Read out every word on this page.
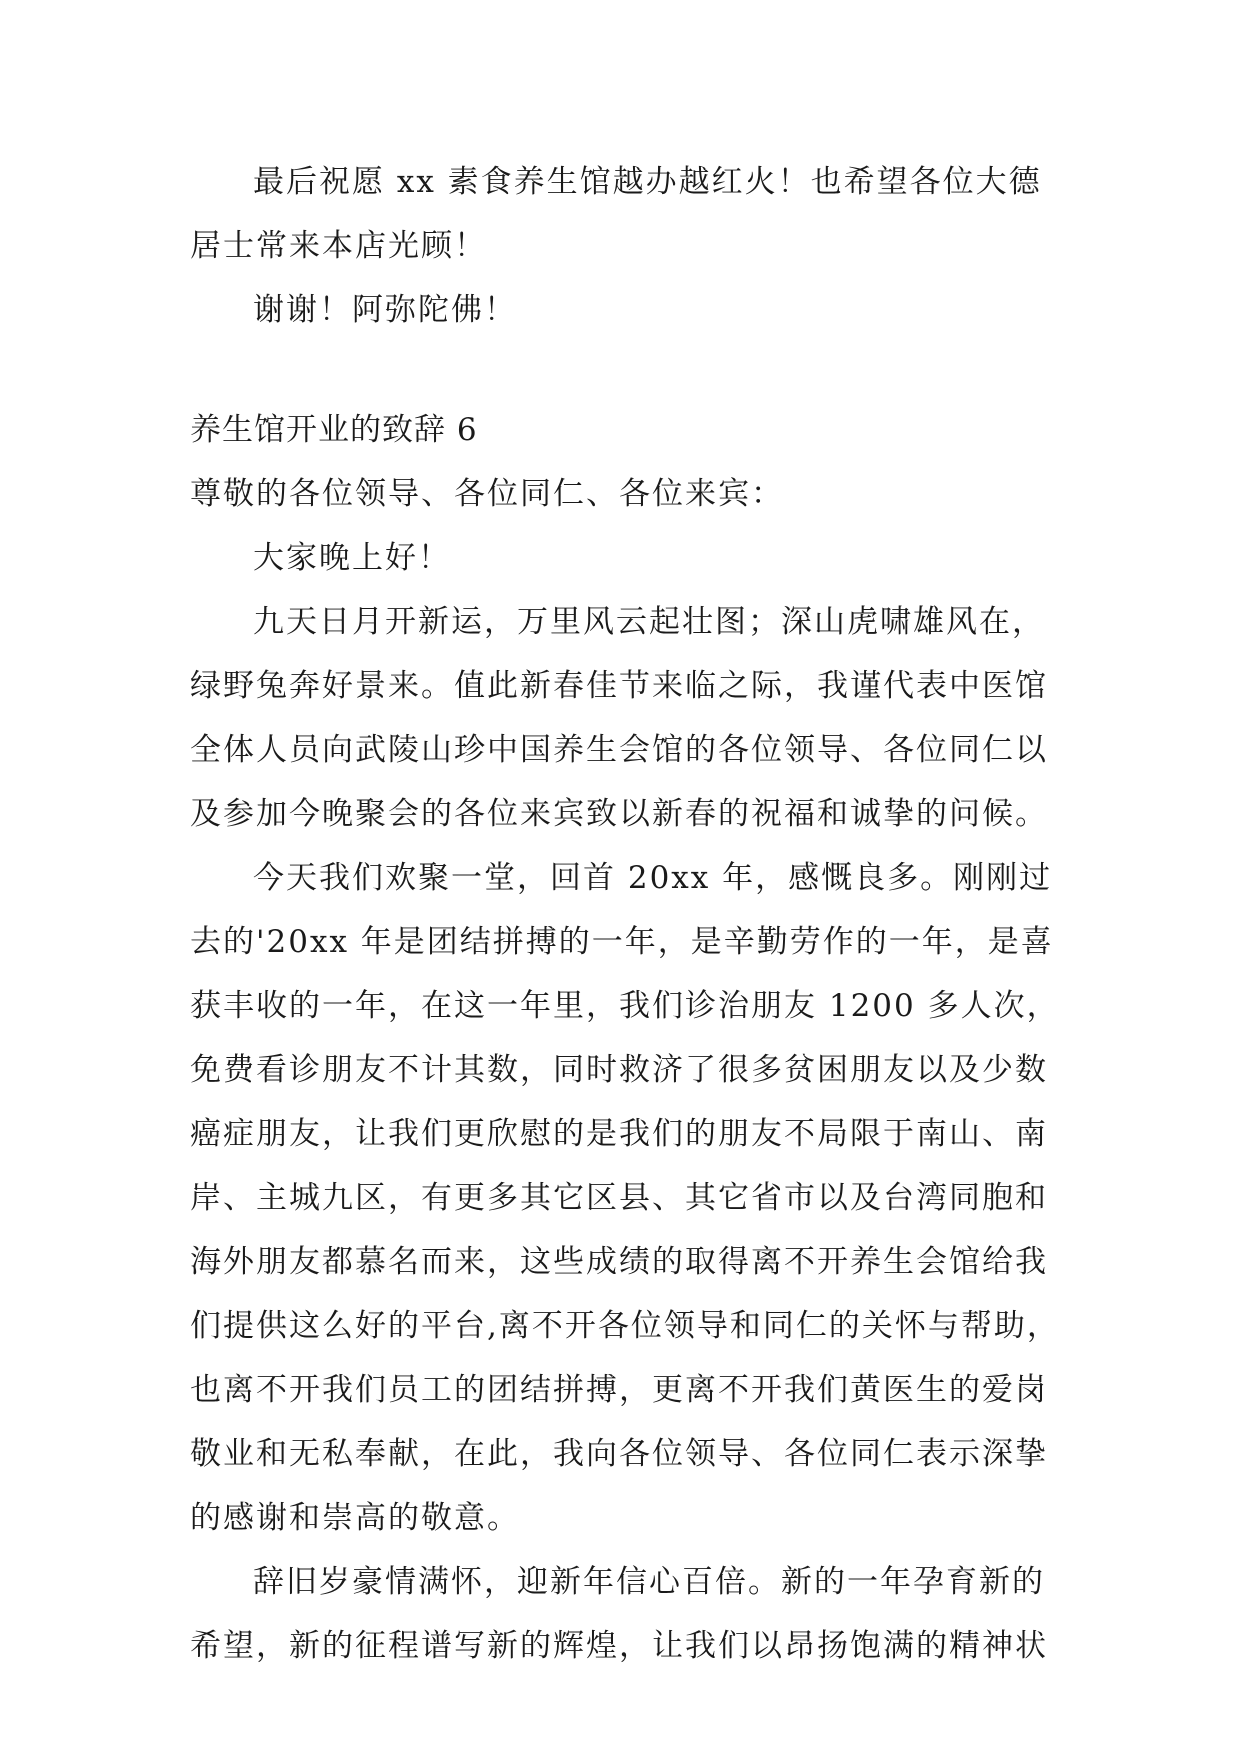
最后祝愿 xx 素食养生馆越办越红火！也希望各位大德
居士常来本店光顾！
谢谢！阿弥陀佛！
养生馆开业的致辞 6
尊敬的各位领导、各位同仁、各位来宾：
大家晚上好！
九天日月开新运，万里风云起壮图；深山虎啸雄风在，
绿野兔奔好景来。值此新春佳节来临之际，我谨代表中医馆
全体人员向武陵山珍中国养生会馆的各位领导、各位同仁以
及参加今晚聚会的各位来宾致以新春的祝福和诚挚的问候。
今天我们欢聚一堂，回首 20xx 年，感慨良多。刚刚过
去的'20xx 年是团结拼搏的一年，是辛勤劳作的一年，是喜
获丰收的一年，在这一年里，我们诊治朋友 1200 多人次，
免费看诊朋友不计其数，同时救济了很多贫困朋友以及少数
癌症朋友，让我们更欣慰的是我们的朋友不局限于南山、南
岸、主城九区，有更多其它区县、其它省市以及台湾同胞和
海外朋友都慕名而来，这些成绩的取得离不开养生会馆给我
们提供这么好的平台,离不开各位领导和同仁的关怀与帮助，
也离不开我们员工的团结拼搏，更离不开我们黄医生的爱岗
敬业和无私奉献，在此，我向各位领导、各位同仁表示深挚
的感谢和崇高的敬意。
辞旧岁豪情满怀，迎新年信心百倍。新的一年孕育新的
希望，新的征程谱写新的辉煌，让我们以昂扬饱满的精神状
